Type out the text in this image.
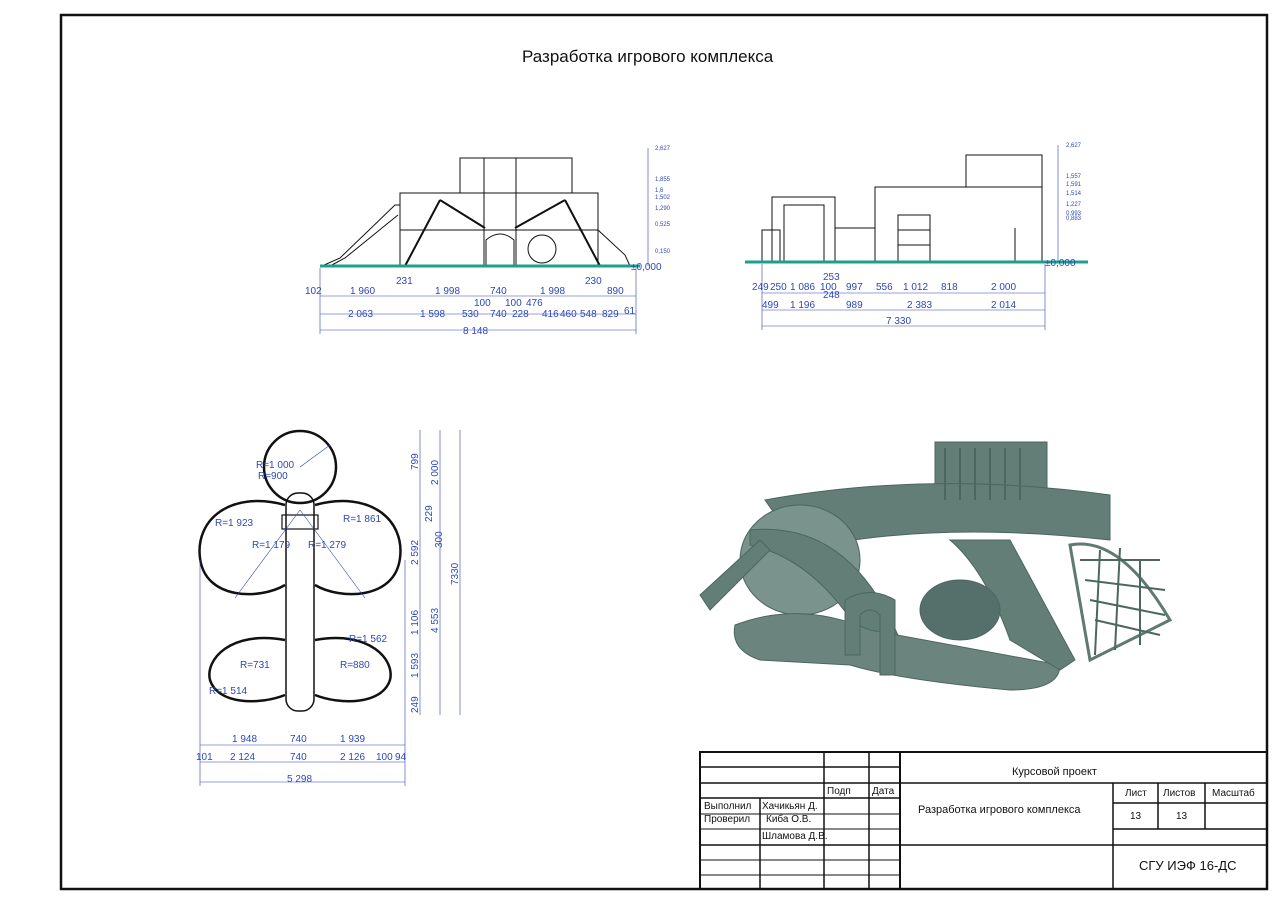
Разработка игрового комплекса
102	1 960
231
1 998	740	1 998
230
890
100 100 476
2 063	1 598 530 740 228 416 460 548 829 61
8 148
2,627
1,855
1,6
1,502
1,290
0,525
0,150
±0,000
253
249 250 1 086 100
248
997 556 1 012 818	2 000
499 1 196	989	2 383	2 014
7 330
±0,000
2,627
1,557
1,591
1,514
1,227
0,993
0,883
R=1 000
R=900
R=1 923	R=1 861
R=1 179 R=1 279
R=1 562
R=731	R=880
R=1 514
799 2 000
229
300
2 592
1 106 4 553
7330
1 593
249
1 948	740	1 939
101 2 124	740	2 126 100 94
5 298
Подп Дата
Выполнил Хачикьян Д.
Проверил Киба О.В.
Шламова Д.В.
Курсовой проект
Разработка игрового комплекса
Лист Листов Масштаб
13	13
СГУ ИЭФ 16-ДС
